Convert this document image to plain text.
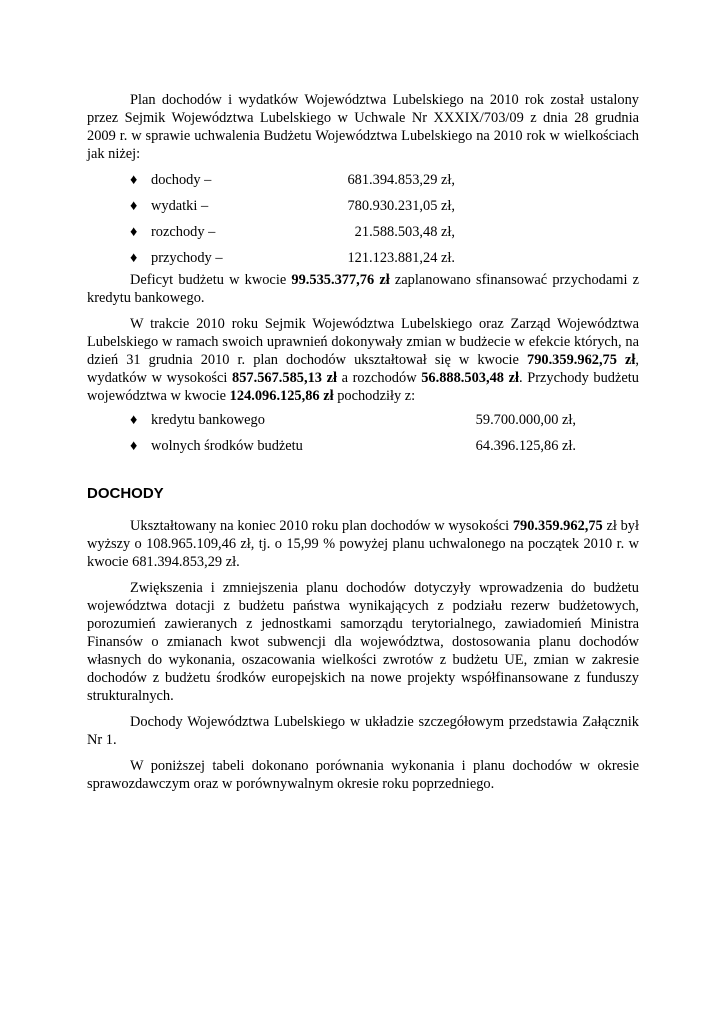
Plan dochodów i wydatków Województwa Lubelskiego na 2010 rok został ustalony przez Sejmik Województwa Lubelskiego w Uchwale Nr XXXIX/703/09 z dnia 28 grudnia 2009 r. w sprawie uchwalenia Budżetu Województwa Lubelskiego na 2010 rok w wielkościach jak niżej:

♦ dochody –	681.394.853,29 zł,
♦ wydatki –	780.930.231,05 zł,
♦ rozchody –	21.588.503,48 zł,
♦ przychody –	121.123.881,24 zł.

Deficyt budżetu w kwocie 99.535.377,76 zł zaplanowano sfinansować przychodami z kredytu bankowego.

W trakcie 2010 roku Sejmik Województwa Lubelskiego oraz Zarząd Województwa Lubelskiego w ramach swoich uprawnień dokonywały zmian w budżecie w efekcie których, na dzień 31 grudnia 2010 r. plan dochodów ukształtował się w kwocie 790.359.962,75 zł, wydatków w wysokości 857.567.585,13 zł a rozchodów 56.888.503,48 zł. Przychody budżetu województwa w kwocie 124.096.125,86 zł pochodziły z:

♦ kredytu bankowego	59.700.000,00 zł,
♦ wolnych środków budżetu	64.396.125,86 zł.
DOCHODY

Ukształtowany na koniec 2010 roku plan dochodów w wysokości 790.359.962,75 zł był wyższy o 108.965.109,46 zł, tj. o 15,99 % powyżej planu uchwalonego na początek 2010 r. w kwocie 681.394.853,29 zł.

Zwiększenia i zmniejszenia planu dochodów dotyczyły wprowadzenia do budżetu województwa dotacji z budżetu państwa wynikających z podziału rezerw budżetowych, porozumień zawieranych z jednostkami samorządu terytorialnego, zawiadomień Ministra Finansów o zmianach kwot subwencji dla województwa, dostosowania planu dochodów własnych do wykonania, oszacowania wielkości zwrotów z budżetu UE, zmian w zakresie dochodów z budżetu środków europejskich na nowe projekty współfinansowane z funduszy strukturalnych.

Dochody Województwa Lubelskiego w układzie szczegółowym przedstawia Załącznik Nr 1.

W poniższej tabeli dokonano porównania wykonania i planu dochodów w okresie sprawozdawczym oraz w porównywalnym okresie roku poprzedniego.
